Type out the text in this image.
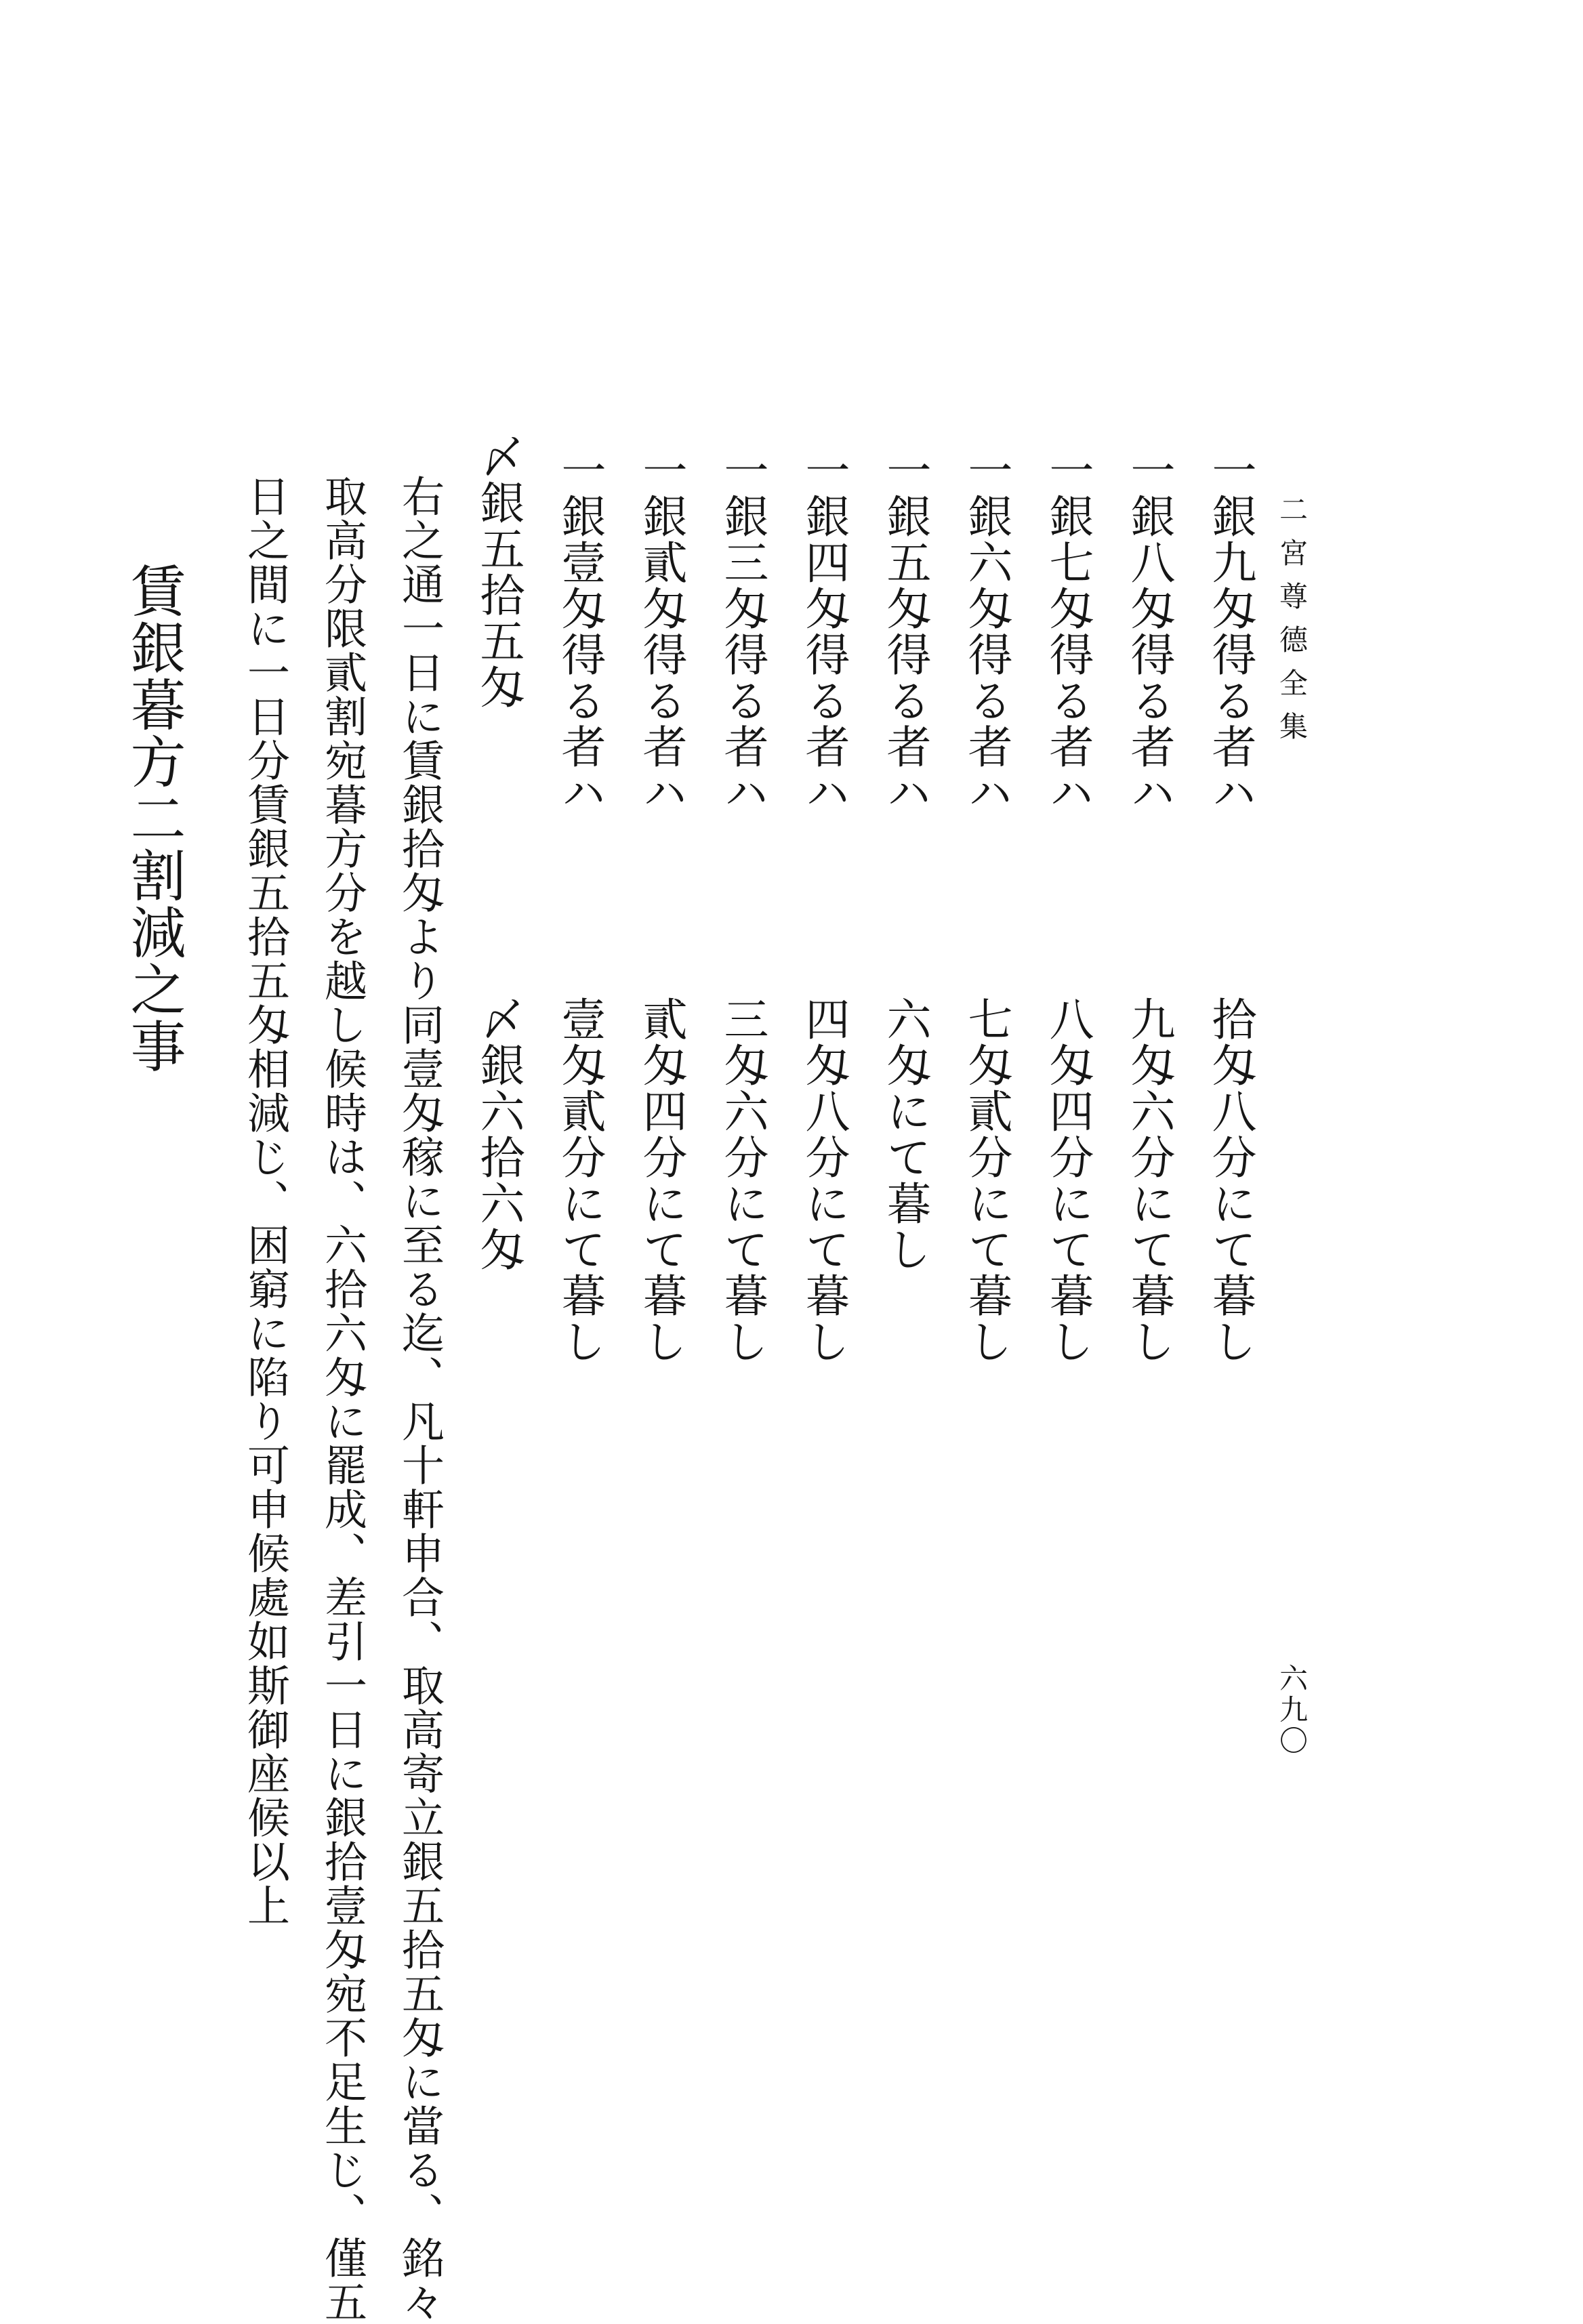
二宮尊德全集
六九〇
一銀九匁得る者ハ
拾匁八分にて暮し
一銀八匁得る者ハ
九匁六分にて暮し
一銀七匁得る者ハ
八匁四分にて暮し
一銀六匁得る者ハ
七匁貳分にて暮し
一銀五匁得る者ハ
六匁にて暮し
一銀四匁得る者ハ
四匁八分にて暮し
一銀三匁得る者ハ
三匁六分にて暮し
一銀貳匁得る者ハ
貳匁四分にて暮し
一銀壹匁得る者ハ
壹匁貳分にて暮し
〆銀五拾五匁
〆銀六拾六匁
右之通一日に賃銀拾匁より同壹匁稼に至る迄、凡十軒申合、取高寄立銀五拾五匁に當る、銘々
取高分限貳割宛暮方分を越し候時は、六拾六匁に罷成、差引一日に銀拾壹匁宛不足生じ、僅五
日之間に一日分賃銀五拾五匁相減じ、困窮に陷り可申候處如斯御座候以上
賃銀暮方二割減之事
